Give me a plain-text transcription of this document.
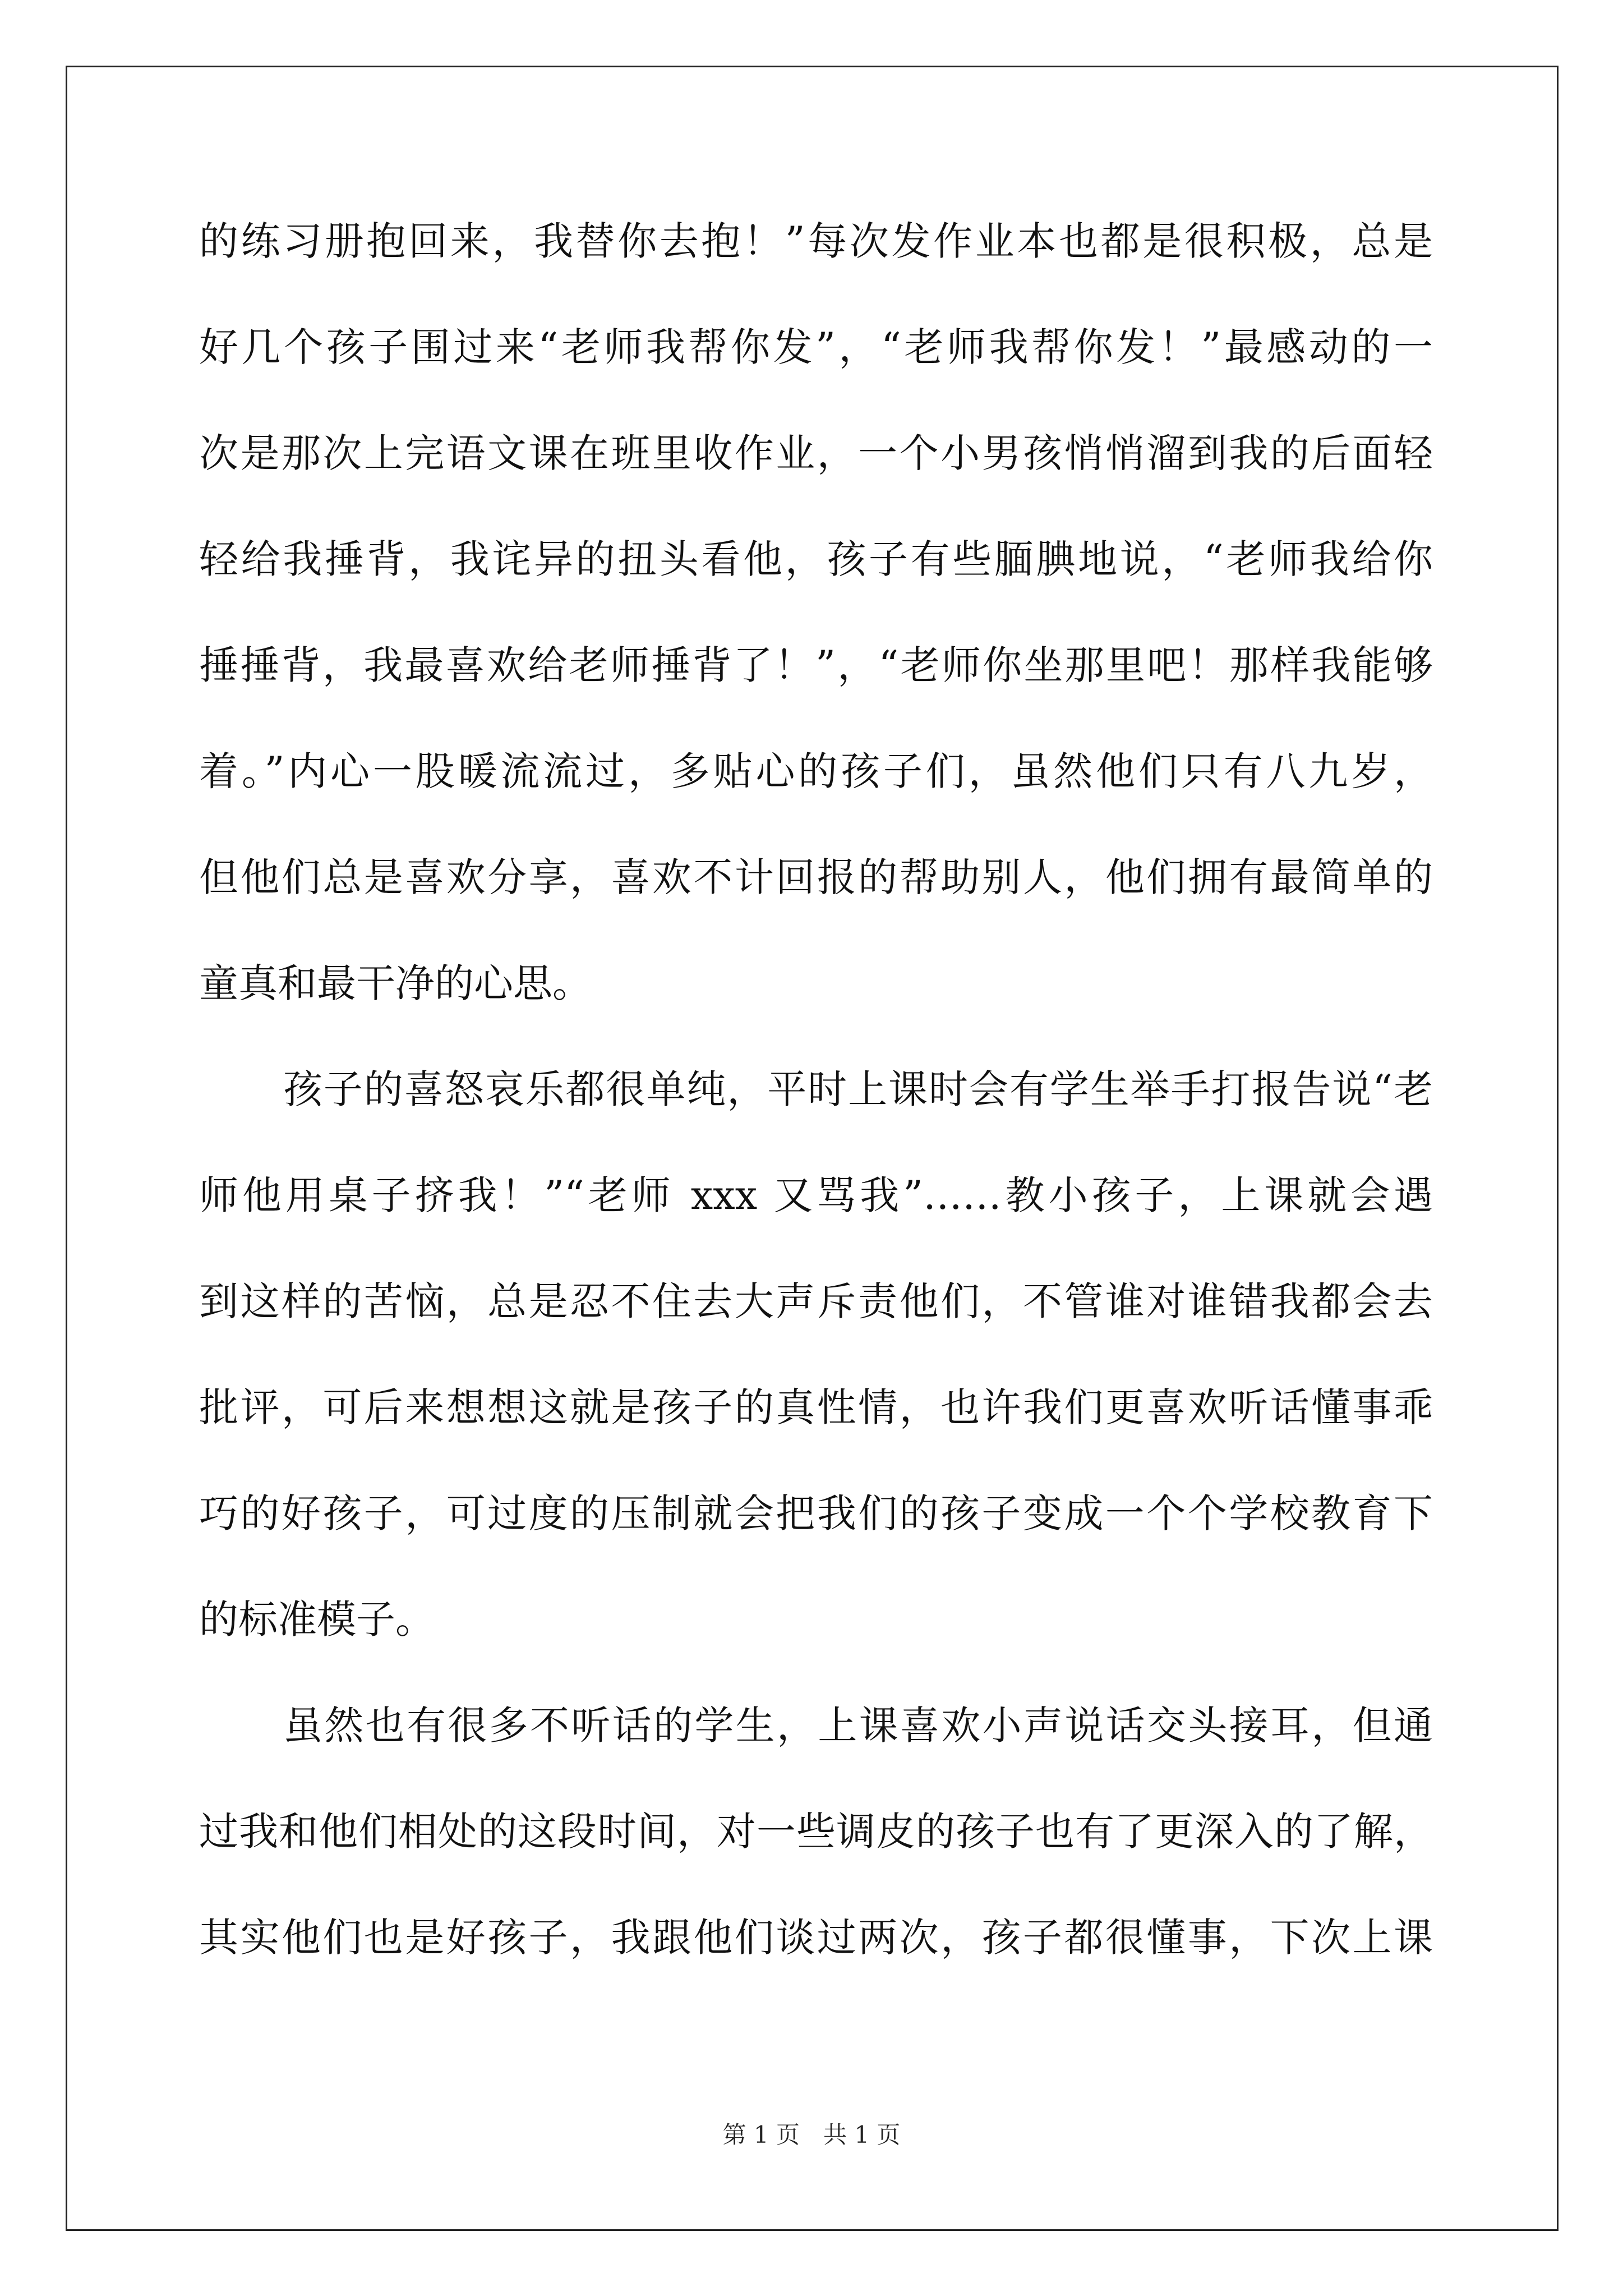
的练习册抱回来，我替你去抱！”每次发作业本也都是很积极，总是
好几个孩子围过来“老师我帮你发”，“老师我帮你发！”最感动的一
次是那次上完语文课在班里收作业，一个小男孩悄悄溜到我的后面轻
轻给我捶背，我诧异的扭头看他，孩子有些腼腆地说，“老师我给你
捶捶背，我最喜欢给老师捶背了！”，“老师你坐那里吧！那样我能够
着。”内心一股暖流流过，多贴心的孩子们，虽然他们只有八九岁，
但他们总是喜欢分享，喜欢不计回报的帮助别人，他们拥有最简单的
童真和最干净的心思。
孩子的喜怒哀乐都很单纯，平时上课时会有学生举手打报告说“老
师他用桌子挤我！”“老师 xxx 又骂我”……教小孩子，上课就会遇
到这样的苦恼，总是忍不住去大声斥责他们，不管谁对谁错我都会去
批评，可后来想想这就是孩子的真性情，也许我们更喜欢听话懂事乖
巧的好孩子，可过度的压制就会把我们的孩子变成一个个学校教育下
的标准模子。
虽然也有很多不听话的学生，上课喜欢小声说话交头接耳，但通
过我和他们相处的这段时间，对一些调皮的孩子也有了更深入的了解，
其实他们也是好孩子，我跟他们谈过两次，孩子都很懂事，下次上课
第 1 页　共 1 页
